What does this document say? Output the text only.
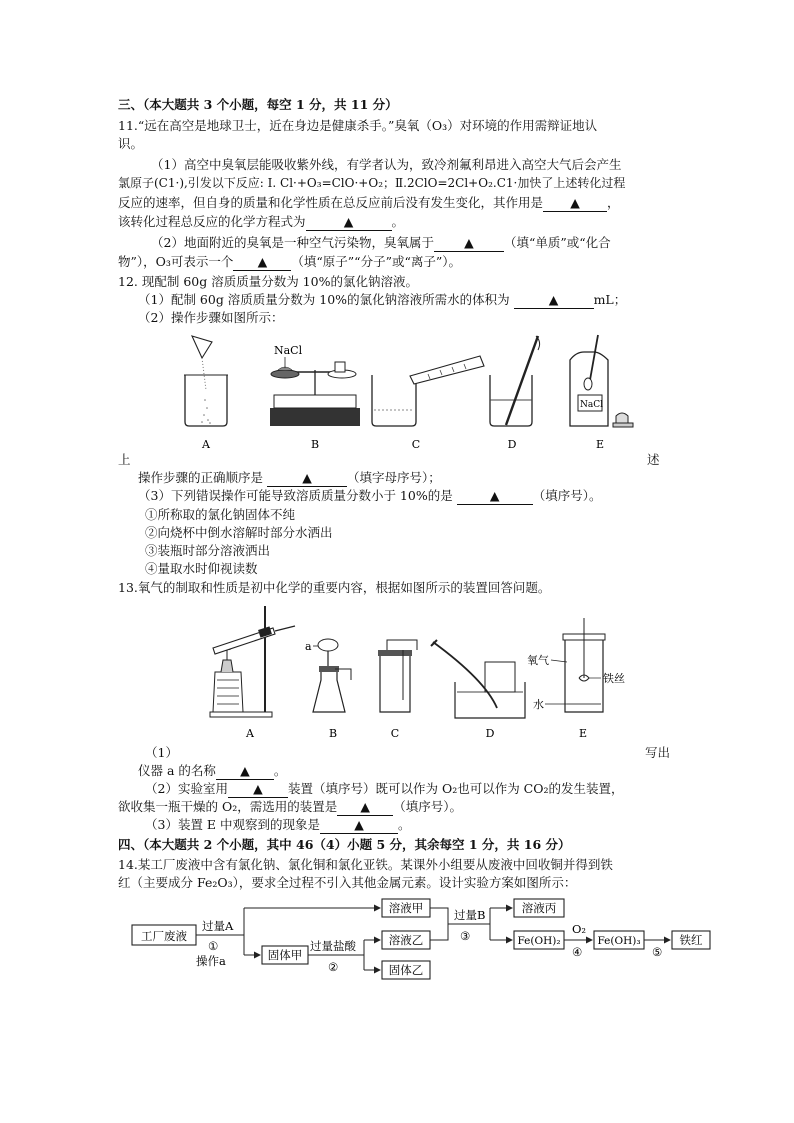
三、（本大题共 3 个小题，每空 1 分，共 11 分）
11.“远在高空是地球卫士，近在身边是健康杀手。”臭氧（O₃）对环境的作用需辩证地认
识。
（1）高空中臭氧层能吸收紫外线，有学者认为，致冷剂氟利昂进入高空大气后会产生
氯原子(C1·),引发以下反应: Ⅰ. Cl·+O₃=ClO·+O₂；Ⅱ.2ClO=2Cl+O₂.C1·加快了上述转化过程
反应的速率，但自身的质量和化学性质在总反应前后没有发生变化，其作用是 ▲ ，
该转化过程总反应的化学方程式为	▲	。
（2）地面附近的臭氧是一种空气污染物，臭氧属于 ▲ （填“单质”或“化合
物”），O₃可表示一个 ▲ （填“原子”“分子”或“离子”）。
12. 现配制 60g 溶质质量分数为 10%的氯化钠溶液。
（1）配制 60g 溶质质量分数为 10%的氯化钠溶液所需水的体积为	▲	mL；
（2）操作步骤如图所示：
NaCl
NaCl
A	B	C	D	E
上	述
操作步骤的正确顺序是	▲	（填字母序号）；
（3）下列错误操作可能导致溶质质量分数小于 10%的是	▲	（填序号）。
①所称取的氯化钠固体不纯
②向烧杯中倒水溶解时部分水洒出
③装瓶时部分溶液洒出
④量取水时仰视读数
13.氧气的制取和性质是初中化学的重要内容，根据如图所示的装置回答问题。
a
氧气
铁丝
水
A	B	C	D	E
（1）	写出
仪器 a 的名称 ▲ 。
（2）实验室用 ▲ 装置（填序号）既可以作为 O₂也可以作为 CO₂的发生装置，
欲收集一瓶干燥的 O₂，需选用的装置是 ▲ （填序号）。
（3）装置 E 中观察到的现象是	▲	。
四、（本大题共 2 个小题，其中 46（4）小题 5 分，其余每空 1 分，共 16 分）
14.某工厂废液中含有氯化钠、氯化铜和氯化亚铁。某课外小组要从废液中回收铜并得到铁
红（主要成分 Fe₂O₃），要求全过程不引入其他金属元素。设计实验方案如图所示：
工厂废液
过量A
①
操作a
溶液甲
固体甲
过量盐酸
②
溶液乙
固体乙
过量B
③
溶液丙
Fe(OH)₂
O₂
④
Fe(OH)₃
⑤
铁红
